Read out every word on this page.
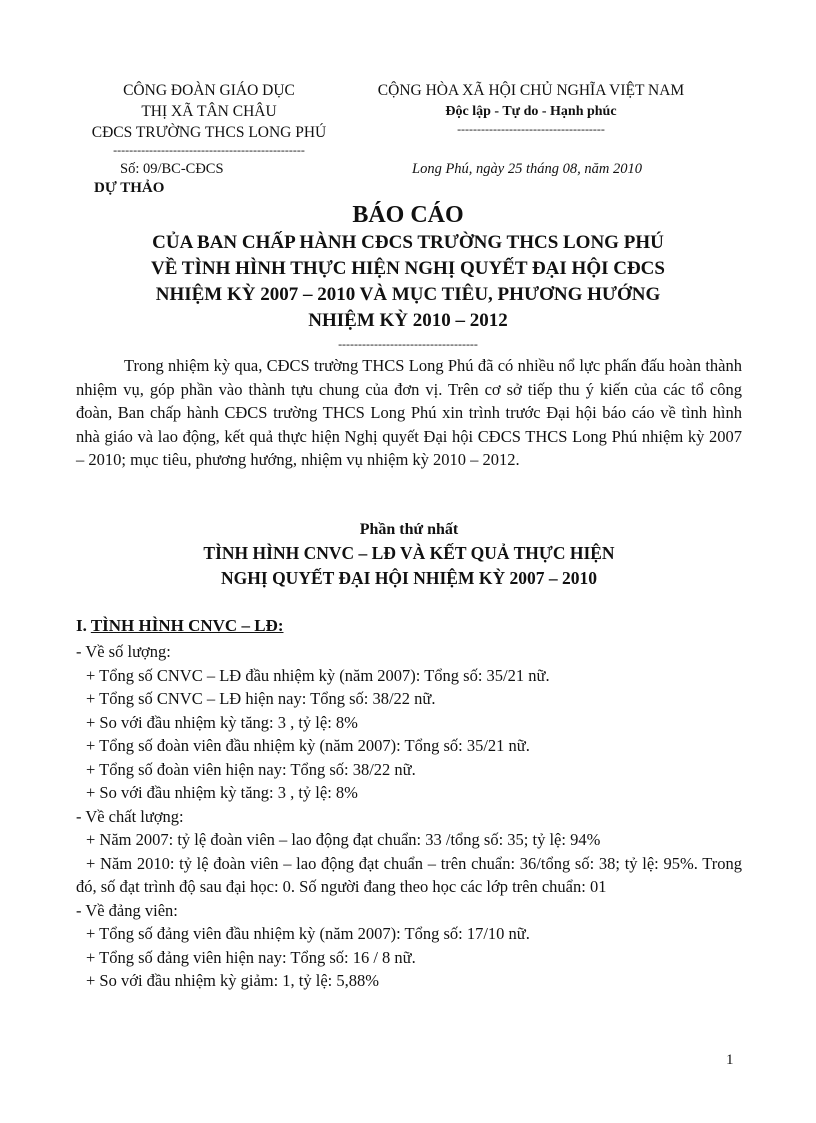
CÔNG ĐOÀN GIÁO DỤC
THỊ XÃ TÂN CHÂU
CĐCS TRƯỜNG THCS LONG PHÚ
------------------------------------------------
CỘNG HÒA XÃ HỘI CHỦ NGHĨA VIỆT NAM
Độc lập - Tự do - Hạnh phúc
-------------------------------------
Số: 09/BC-CĐCS
DỰ THẢO
Long Phú, ngày 25 tháng 08, năm 2010
BÁO CÁO
CỦA BAN CHẤP HÀNH CĐCS TRƯỜNG THCS LONG PHÚ
VỀ TÌNH HÌNH THỰC HIỆN NGHỊ QUYẾT ĐẠI HỘI CĐCS
NHIỆM KỲ 2007 – 2010 VÀ MỤC TIÊU, PHƯƠNG HƯỚNG
NHIỆM KỲ 2010 – 2012
-----------------------------------
Trong nhiệm kỳ qua, CĐCS trường THCS Long Phú đã có nhiều nổ lực phấn đấu hoàn thành nhiệm vụ, góp phần vào thành tựu chung của đơn vị. Trên cơ sở tiếp thu ý kiến của các tổ công đoàn, Ban chấp hành CĐCS trường THCS Long Phú xin trình trước Đại hội báo cáo về tình hình nhà giáo và lao động, kết quả thực hiện Nghị quyết Đại hội CĐCS THCS Long Phú nhiệm kỳ 2007 – 2010; mục tiêu, phương hướng, nhiệm vụ nhiệm kỳ 2010 – 2012.
Phần thứ nhất
TÌNH HÌNH CNVC – LĐ VÀ KẾT QUẢ THỰC HIỆN
NGHỊ QUYẾT ĐẠI HỘI NHIỆM KỲ 2007 – 2010
I. TÌNH HÌNH CNVC – LĐ:
- Về số lượng:
+ Tổng số CNVC – LĐ đầu nhiệm kỳ (năm 2007): Tổng số: 35/21 nữ.
+ Tổng số CNVC – LĐ hiện nay: Tổng số: 38/22 nữ.
+ So với đầu nhiệm kỳ tăng: 3 , tỷ lệ: 8%
+ Tổng số đoàn viên đầu nhiệm kỳ (năm 2007): Tổng số: 35/21 nữ.
+ Tổng số đoàn viên hiện nay: Tổng số: 38/22 nữ.
+ So với đầu nhiệm kỳ tăng: 3 , tỷ lệ: 8%
- Về chất lượng:
+ Năm 2007: tỷ lệ đoàn viên – lao động đạt chuẩn: 33 /tổng số: 35; tỷ lệ: 94%
+ Năm 2010: tỷ lệ đoàn viên – lao động đạt chuẩn – trên chuẩn: 36/tổng số: 38; tỷ lệ: 95%. Trong đó, số đạt trình độ sau đại học: 0. Số người đang theo học các lớp trên chuẩn: 01
- Về đảng viên:
+ Tổng số đảng viên đầu nhiệm kỳ (năm 2007): Tổng số: 17/10 nữ.
+ Tổng số đảng viên hiện nay: Tổng số: 16 / 8 nữ.
+ So với đầu nhiệm kỳ giảm: 1, tỷ lệ: 5,88%
1
